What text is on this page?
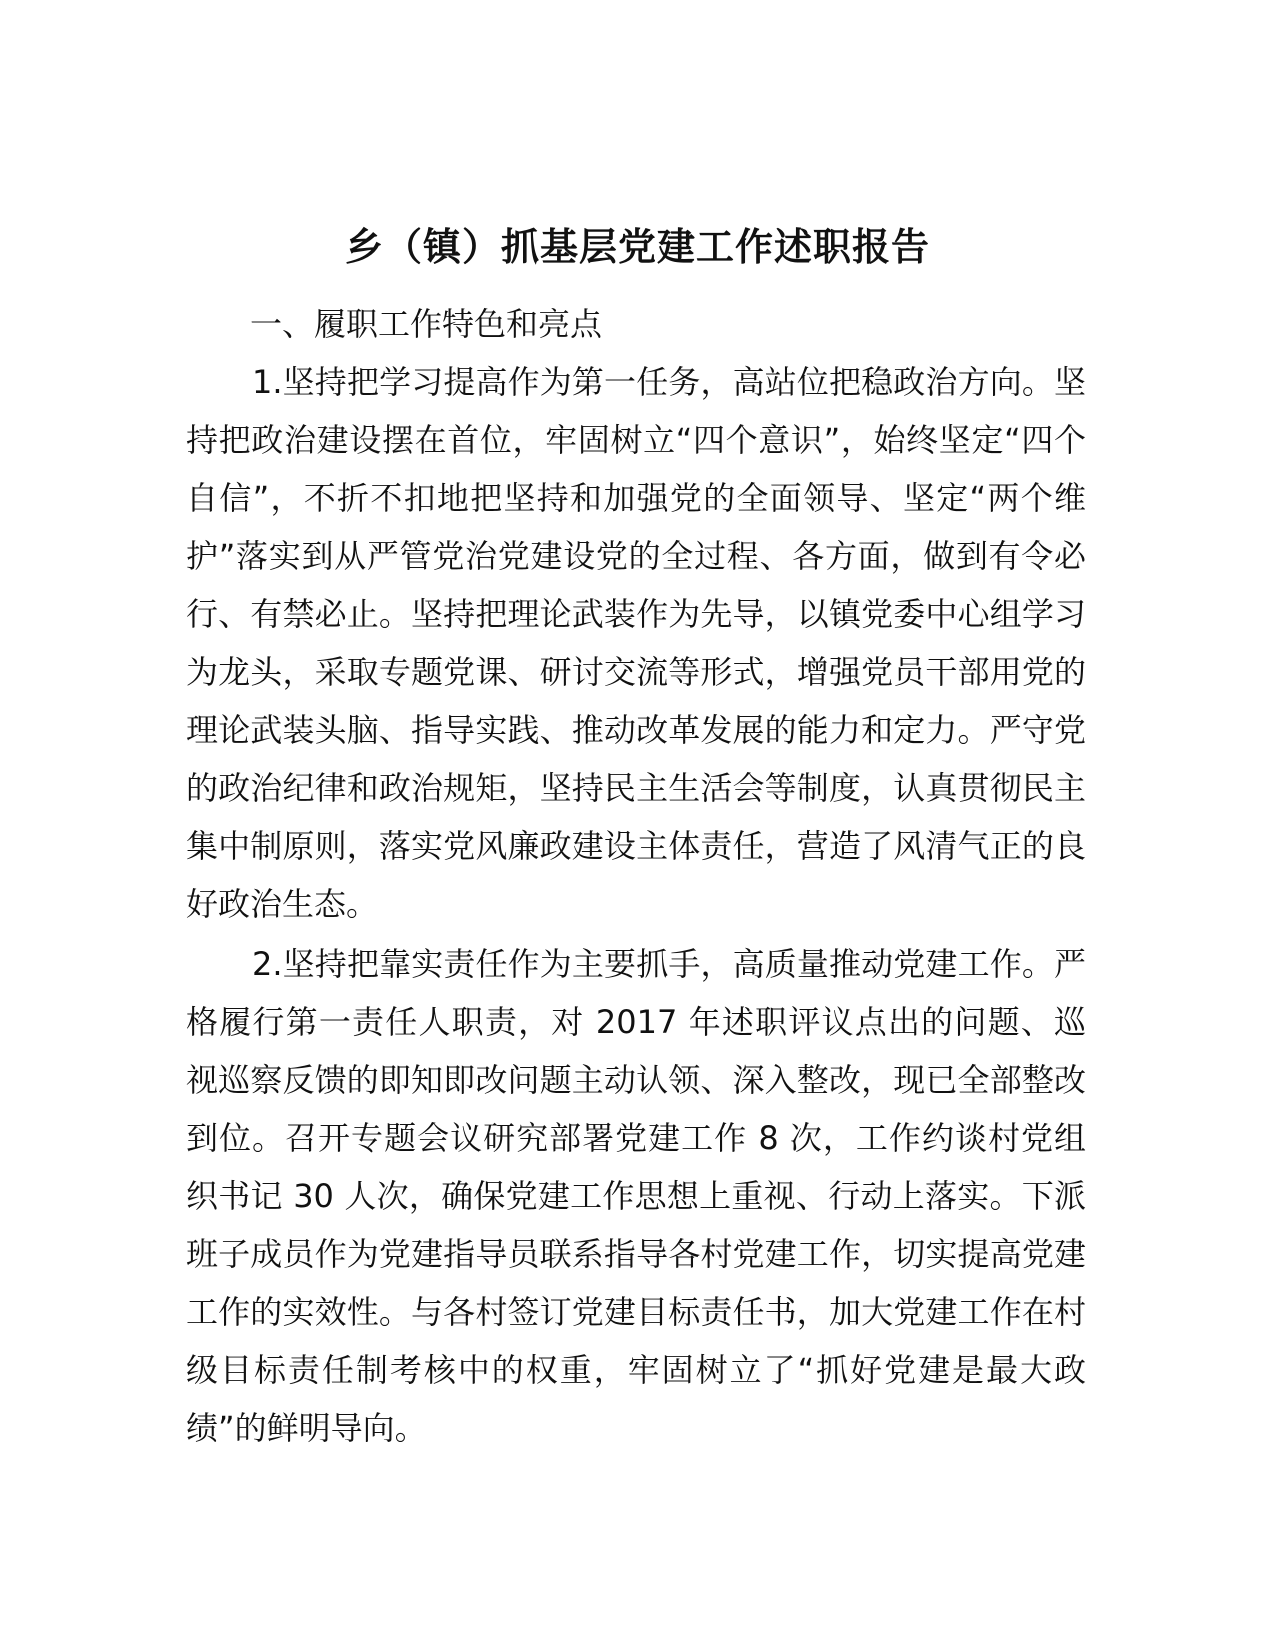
乡（镇）抓基层党建工作述职报告

一、履职工作特色和亮点

1.坚持把学习提高作为第一任务，高站位把稳政治方向。坚持把政治建设摆在首位，牢固树立“四个意识”，始终坚定“四个自信”，不折不扣地把坚持和加强党的全面领导、坚定“两个维护”落实到从严管党治党建设党的全过程、各方面，做到有令必行、有禁必止。坚持把理论武装作为先导，以镇党委中心组学习为龙头，采取专题党课、研讨交流等形式，增强党员干部用党的理论武装头脑、指导实践、推动改革发展的能力和定力。严守党的政治纪律和政治规矩，坚持民主生活会等制度，认真贯彻民主集中制原则，落实党风廉政建设主体责任，营造了风清气正的良好政治生态。

2.坚持把靠实责任作为主要抓手，高质量推动党建工作。严格履行第一责任人职责，对 2017 年述职评议点出的问题、巡视巡察反馈的即知即改问题主动认领、深入整改，现已全部整改到位。召开专题会议研究部署党建工作 8 次，工作约谈村党组织书记 30 人次，确保党建工作思想上重视、行动上落实。下派班子成员作为党建指导员联系指导各村党建工作，切实提高党建工作的实效性。与各村签订党建目标责任书，加大党建工作在村级目标责任制考核中的权重，牢固树立了“抓好党建是最大政绩”的鲜明导向。
